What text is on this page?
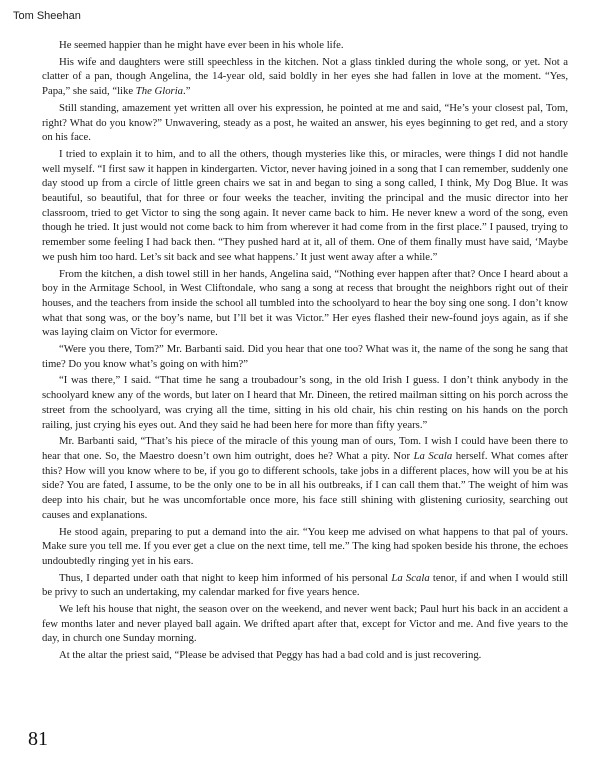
Tom Sheehan

He seemed happier than he might have ever been in his whole life.

His wife and daughters were still speechless in the kitchen. Not a glass tinkled during the whole song, or yet. Not a clatter of a pan, though Angelina, the 14-year old, said boldly in her eyes she had fallen in love at the moment. “Yes, Papa,” she said, “like The Gloria.”

Still standing, amazement yet written all over his expression, he pointed at me and said, “He’s your closest pal, Tom, right? What do you know?” Unwavering, steady as a post, he waited an answer, his eyes beginning to get red, and a story on his face.

I tried to explain it to him, and to all the others, though mysteries like this, or miracles, were things I did not handle well myself. “I first saw it happen in kindergarten. Victor, never having joined in a song that I can remember, suddenly one day stood up from a circle of little green chairs we sat in and began to sing a song called, I think, My Dog Blue. It was beautiful, so beautiful, that for three or four weeks the teacher, inviting the principal and the music director into her classroom, tried to get Victor to sing the song again. It never came back to him. He never knew a word of the song, even though he tried. It just would not come back to him from wherever it had come from in the first place.” I paused, trying to remember some feeling I had back then. “They pushed hard at it, all of them. One of them finally must have said, ‘Maybe we push him too hard. Let’s sit back and see what happens.’ It just went away after a while.”

From the kitchen, a dish towel still in her hands, Angelina said, “Nothing ever happen after that? Once I heard about a boy in the Armitage School, in West Cliftondale, who sang a song at recess that brought the neighbors right out of their houses, and the teachers from inside the school all tumbled into the schoolyard to hear the boy sing one song. I don’t know what that song was, or the boy’s name, but I’ll bet it was Victor.” Her eyes flashed their new-found joys again, as if she was laying claim on Victor for evermore.

“Were you there, Tom?” Mr. Barbanti said. Did you hear that one too? What was it, the name of the song he sang that time? Do you know what’s going on with him?”

“I was there,” I said. “That time he sang a troubadour’s song, in the old Irish I guess. I don’t think anybody in the schoolyard knew any of the words, but later on I heard that Mr. Dineen, the retired mailman sitting on his porch across the street from the schoolyard, was crying all the time, sitting in his old chair, his chin resting on his hands on the porch railing, just crying his eyes out. And they said he had been here for more than fifty years.”

Mr. Barbanti said, “That’s his piece of the miracle of this young man of ours, Tom. I wish I could have been there to hear that one. So, the Maestro doesn’t own him outright, does he? What a pity. Nor La Scala herself. What comes after this? How will you know where to be, if you go to different schools, take jobs in a different places, how will you be at his side? You are fated, I assume, to be the only one to be in all his outbreaks, if I can call them that.” The weight of him was deep into his chair, but he was uncomfortable once more, his face still shining with glistening curiosity, searching out causes and explanations.

He stood again, preparing to put a demand into the air. “You keep me advised on what happens to that pal of yours. Make sure you tell me. If you ever get a clue on the next time, tell me.” The king had spoken beside his throne, the echoes undoubtedly ringing yet in his ears.

Thus, I departed under oath that night to keep him informed of his personal La Scala tenor, if and when I would still be privy to such an undertaking, my calendar marked for five years hence.

We left his house that night, the season over on the weekend, and never went back; Paul hurt his back in an accident a few months later and never played ball again. We drifted apart after that, except for Victor and me. And five years to the day, in church one Sunday morning.

At the altar the priest said, “Please be advised that Peggy has had a bad cold and is just recovering.

81
